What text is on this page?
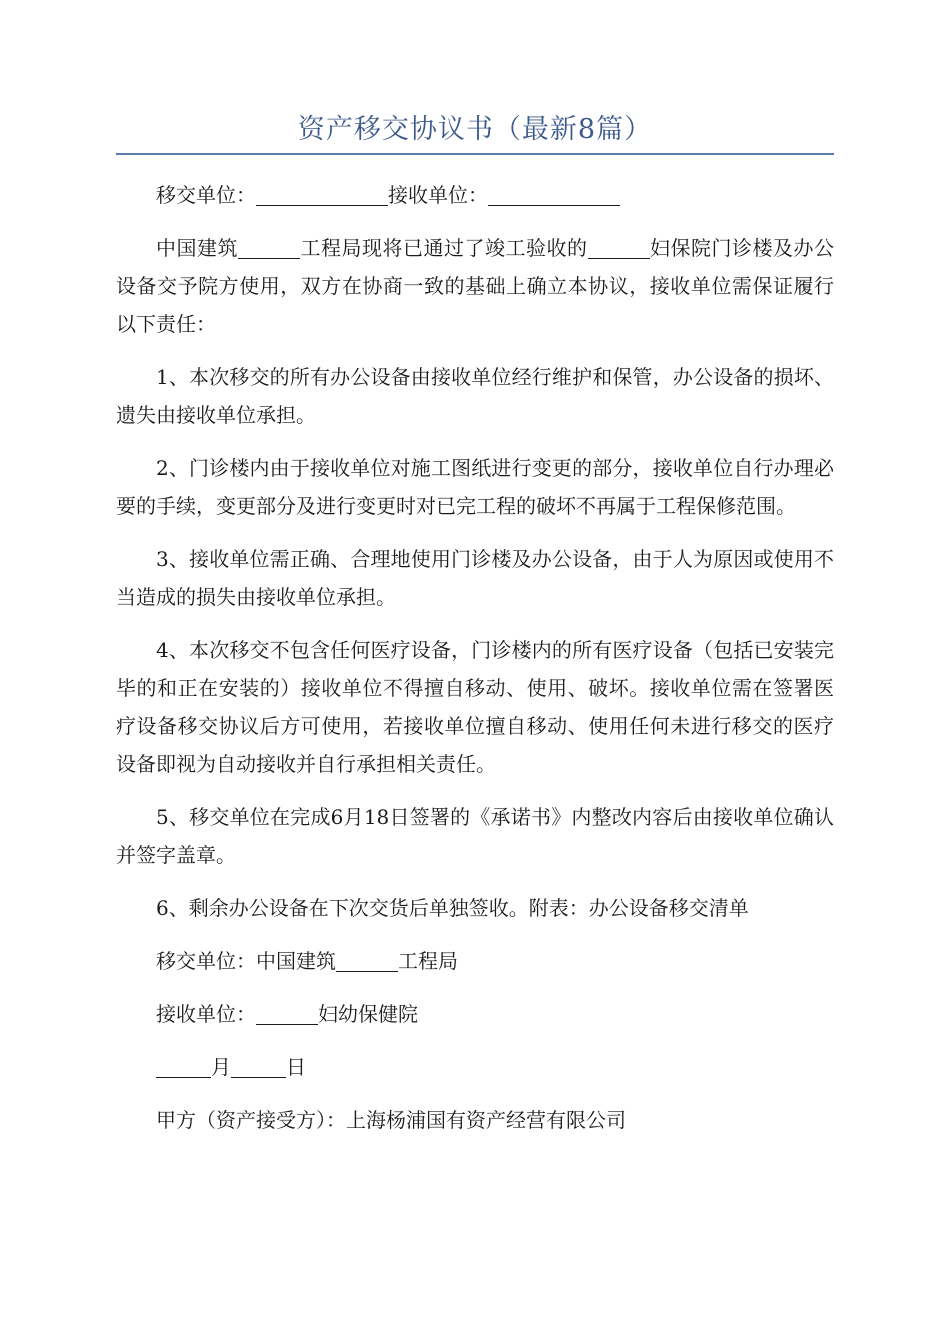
资产移交协议书（最新8篇）

移交单位：	接收单位：

中国建筑	工程局现将已通过了竣工验收的	妇保院门诊楼及办公设备交予院方使用，双方在协商一致的基础上确立本协议，接收单位需保证履行以下责任：

1、本次移交的所有办公设备由接收单位经行维护和保管，办公设备的损坏、遗失由接收单位承担。

2、门诊楼内由于接收单位对施工图纸进行变更的部分，接收单位自行办理必要的手续，变更部分及进行变更时对已完工程的破坏不再属于工程保修范围。

3、接收单位需正确、合理地使用门诊楼及办公设备，由于人为原因或使用不当造成的损失由接收单位承担。

4、本次移交不包含任何医疗设备，门诊楼内的所有医疗设备（包括已安装完毕的和正在安装的）接收单位不得擅自移动、使用、破坏。接收单位需在签署医疗设备移交协议后方可使用，若接收单位擅自移动、使用任何未进行移交的医疗设备即视为自动接收并自行承担相关责任。

5、移交单位在完成6月18日签署的《承诺书》内整改内容后由接收单位确认并签字盖章。

6、剩余办公设备在下次交货后单独签收。附表：办公设备移交清单

移交单位：中国建筑	工程局

接收单位：	妇幼保健院

月	日

甲方（资产接受方）：上海杨浦国有资产经营有限公司
